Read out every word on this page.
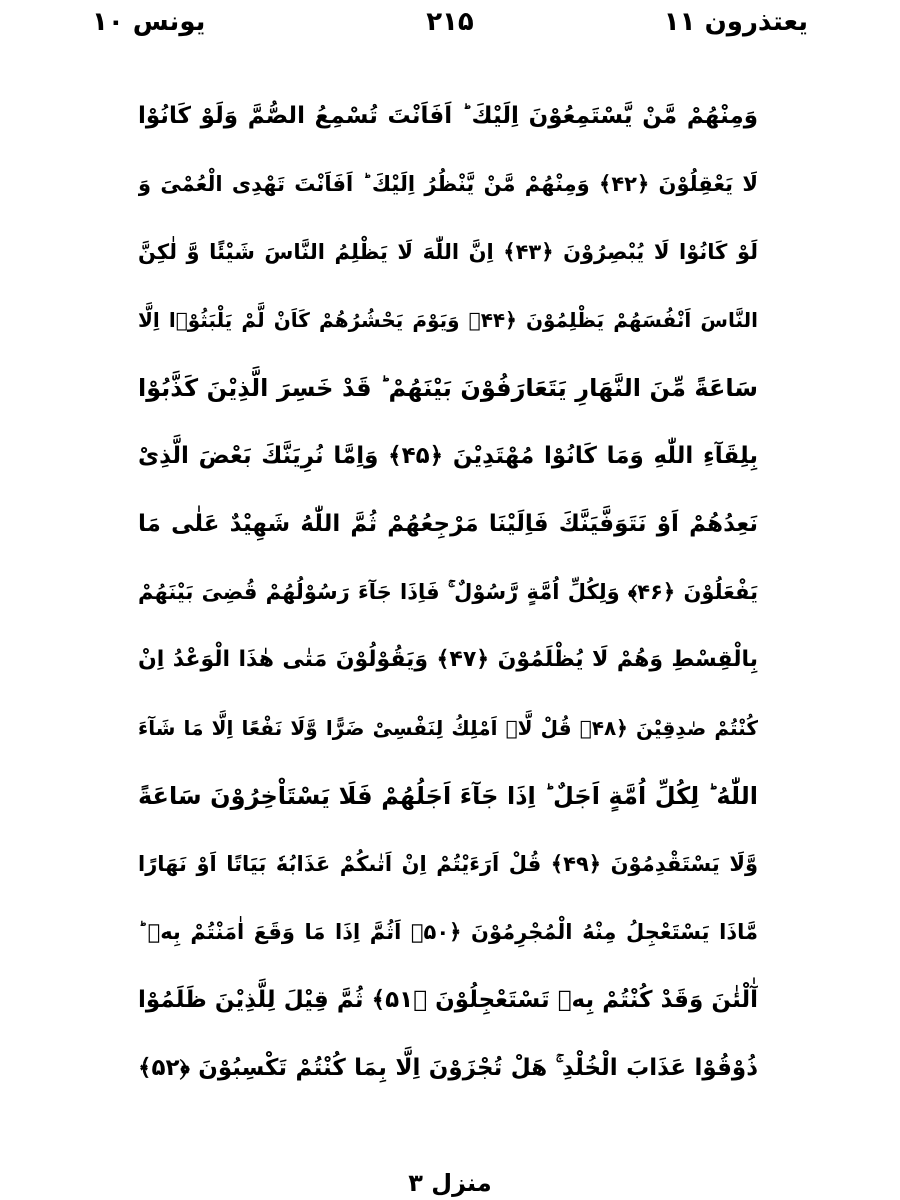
یعتذرون ۱۱
۲۱۵
یونس ۱۰
وَمِنْهُمْ مَّنْ يَّسْتَمِعُوْنَ اِلَيْكَ ؕ اَفَاَنْتَ تُسْمِعُ الصُّمَّ وَلَوْ كَانُوْا
لَا يَعْقِلُوْنَ ﴿۴۲﴾ وَمِنْهُمْ مَّنْ يَّنْظُرُ اِلَيْكَ ؕ اَفَاَنْتَ تَهْدِى الْعُمْىَ وَ
لَوْ كَانُوْا لَا يُبْصِرُوْنَ ﴿۴۳﴾ اِنَّ اللّٰهَ لَا يَظْلِمُ النَّاسَ شَيْئًا وَّ لٰكِنَّ
النَّاسَ اَنْفُسَهُمْ يَظْلِمُوْنَ ﴿۴۴﴾ وَيَوْمَ يَحْشُرُهُمْ كَاَنْ لَّمْ يَلْبَثُوْۤا اِلَّا
سَاعَةً مِّنَ النَّهَارِ يَتَعَارَفُوْنَ بَيْنَهُمْ ؕ قَدْ خَسِرَ الَّذِيْنَ كَذَّبُوْا
بِلِقَآءِ اللّٰهِ وَمَا كَانُوْا مُهْتَدِيْنَ ﴿۴۵﴾ وَاِمَّا نُرِيَنَّكَ بَعْضَ الَّذِىْ
نَعِدُهُمْ اَوْ نَتَوَفَّيَنَّكَ فَاِلَيْنَا مَرْجِعُهُمْ ثُمَّ اللّٰهُ شَهِيْدٌ عَلٰى مَا
يَفْعَلُوْنَ ﴿۴۶﴾ وَلِكُلِّ اُمَّةٍ رَّسُوْلٌ ۚ فَاِذَا جَآءَ رَسُوْلُهُمْ قُضِىَ بَيْنَهُمْ
بِالْقِسْطِ وَهُمْ لَا يُظْلَمُوْنَ ﴿۴۷﴾ وَيَقُوْلُوْنَ مَتٰى هٰذَا الْوَعْدُ اِنْ
كُنْتُمْ صٰدِقِيْنَ ﴿۴۸﴾ قُلْ لَّاۤ اَمْلِكُ لِنَفْسِىْ ضَرًّا وَّلَا نَفْعًا اِلَّا مَا شَآءَ
اللّٰهُ ؕ لِكُلِّ اُمَّةٍ اَجَلٌ ؕ اِذَا جَآءَ اَجَلُهُمْ فَلَا يَسْتَاْخِرُوْنَ سَاعَةً
وَّلَا يَسْتَقْدِمُوْنَ ﴿۴۹﴾ قُلْ اَرَءَيْتُمْ اِنْ اَتٰىكُمْ عَذَابُهٗ بَيَاتًا اَوْ نَهَارًا
مَّاذَا يَسْتَعْجِلُ مِنْهُ الْمُجْرِمُوْنَ ﴿۵۰﴾ اَثُمَّ اِذَا مَا وَقَعَ اٰمَنْتُمْ بِهٖ ؕ
آٰلْئٰنَ وَقَدْ كُنْتُمْ بِهٖ تَسْتَعْجِلُوْنَ ﴿۵۱﴾ ثُمَّ قِيْلَ لِلَّذِيْنَ ظَلَمُوْا
ذُوْقُوْا عَذَابَ الْخُلْدِ ۚ هَلْ تُجْزَوْنَ اِلَّا بِمَا كُنْتُمْ تَكْسِبُوْنَ ﴿۵۲﴾
منزل ۳
